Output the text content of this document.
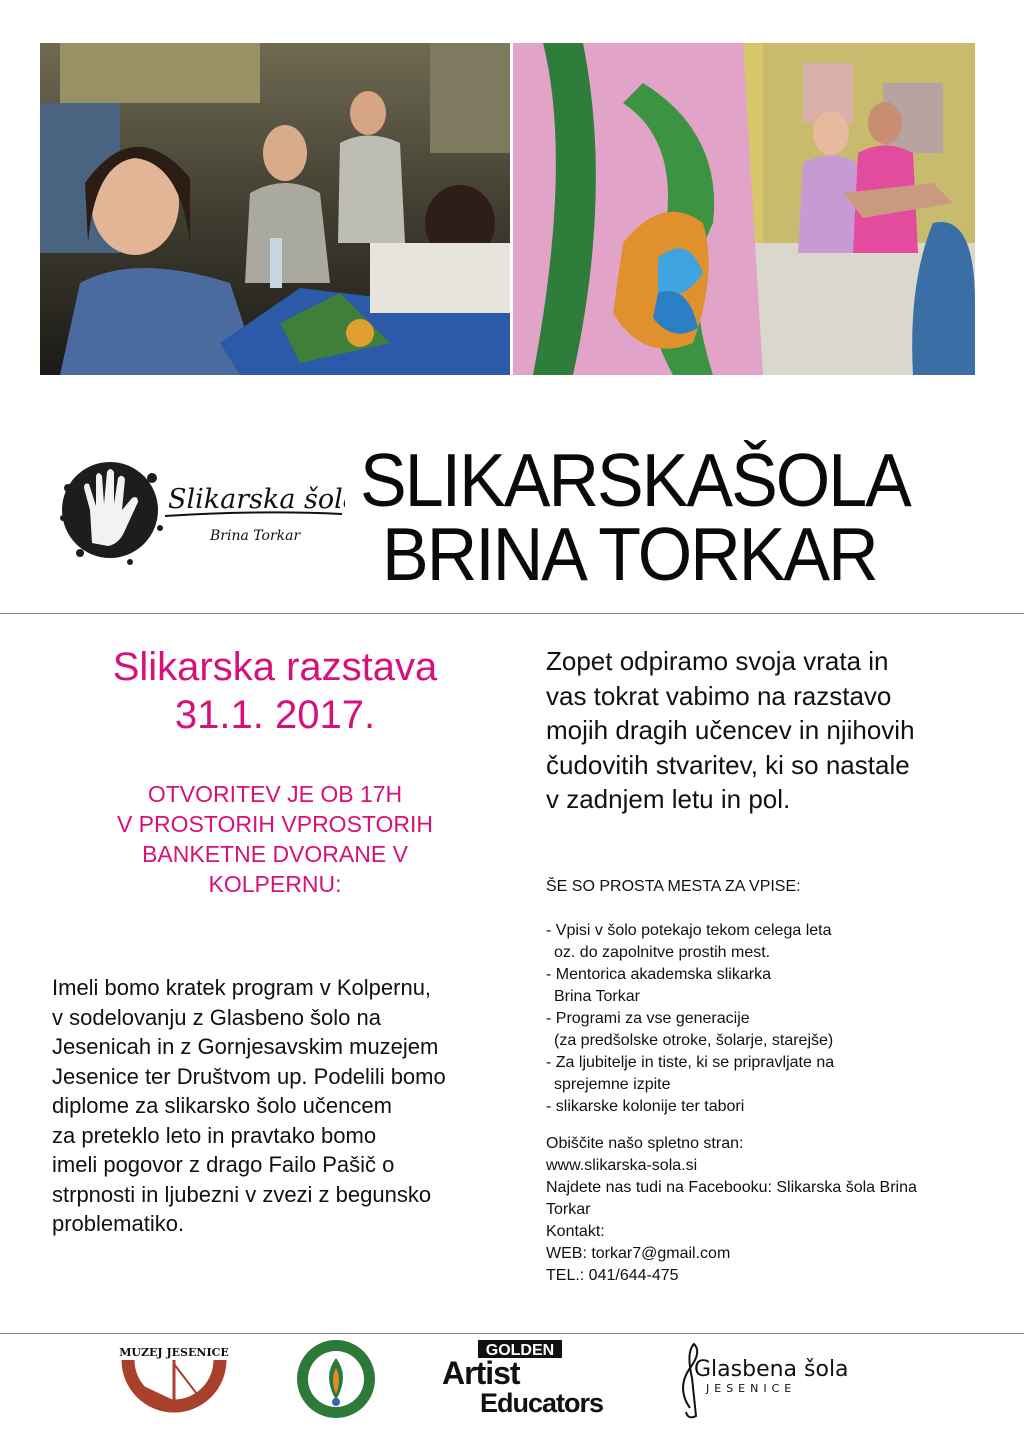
Slikarska šola
Brina Torkar
SLIKARSKAŠOLA
BRINA TORKAR
Slikarska razstava
31.1. 2017.
OTVORITEV JE OB 17H
V PROSTORIH VPROSTORIH
BANKETNE DVORANE V
KOLPERNU:
Imeli bomo kratek program v Kolpernu,
v sodelovanju z Glasbeno šolo na
Jesenicah in z Gornjesavskim muzejem
Jesenice ter Društvom up. Podelili bomo
diplome za slikarsko šolo učencem
za preteklo leto in pravtako bomo
imeli pogovor z drago Failo Pašič o
strpnosti in ljubezni v zvezi z begunsko
problematiko.
Zopet odpiramo svoja vrata in
vas tokrat vabimo na razstavo
mojih dragih učencev in njihovih
čudovitih stvaritev, ki so nastale
v zadnjem letu in pol.
ŠE SO PROSTA MESTA ZA VPISE:
- Vpisi v šolo potekajo tekom celega leta
oz. do zapolnitve prostih mest.
- Mentorica akademska slikarka
Brina Torkar
- Programi za vse generacije
(za predšolske otroke, šolarje, starejše)
- Za ljubitelje in tiste, ki se pripravljate na
sprejemne izpite
- slikarske kolonije ter tabori
Obiščite našo spletno stran:
www.slikarska-sola.si
Najdete nas tudi na Facebooku: Slikarska šola Brina
Torkar
Kontakt:
WEB: torkar7@gmail.com
TEL.: 041/644-475
MUZEJ JESENICE	GOLDEN
Artist
Educators
Glasbena šola
JESENICE
